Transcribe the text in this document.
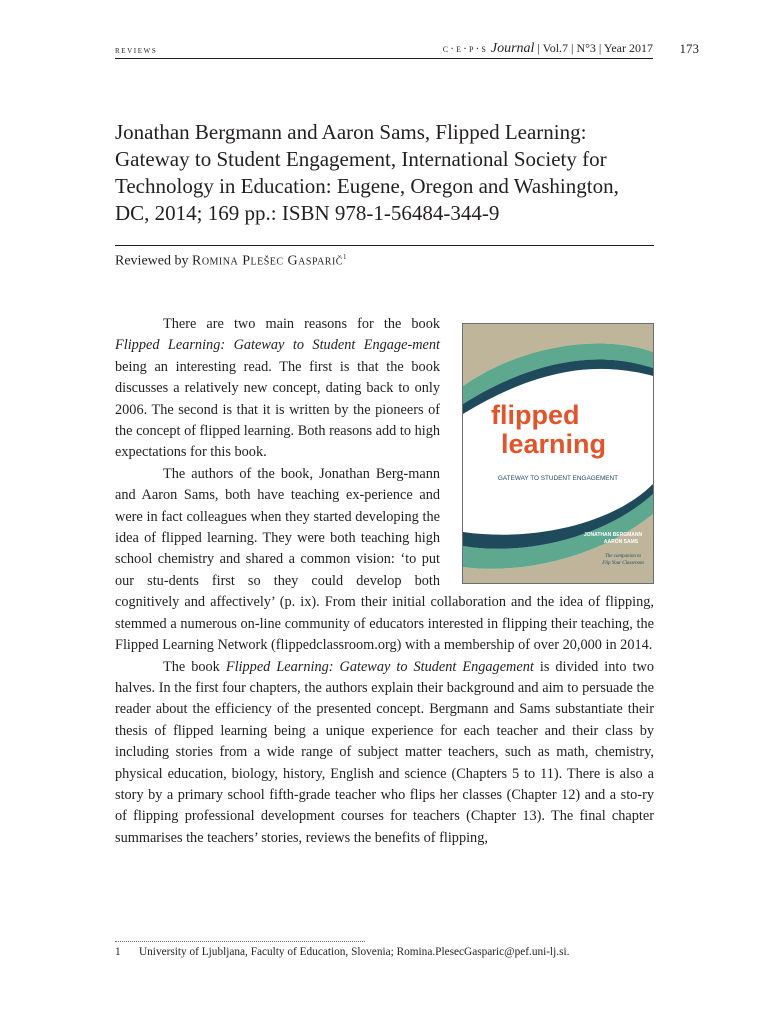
reviews	c·e·p·s Journal | Vol.7 | N°3 | Year 2017 173
Jonathan Bergmann and Aaron Sams, Flipped Learning: Gateway to Student Engagement, International Society for Technology in Education: Eugene, Oregon and Washington, DC, 2014; 169 pp.: ISBN 978-1-56484-344-9
Reviewed by Romina Plešec Gasparič$^1$
flipped
learning
GATEWAY TO STUDENT ENGAGEMENT
JONATHAN BERGMANN
AARON SAMS
The companion to
Flip Your Classroom

There are two main reasons for the book Flipped Learning: Gateway to Student Engage-ment being an interesting read. The first is that the book discusses a relatively new concept, dating back to only 2006. The second is that it is written by the pioneers of the concept of flipped learning. Both reasons add to high expectations for this book.

The authors of the book, Jonathan Berg-mann and Aaron Sams, both have teaching ex-perience and were in fact colleagues when they started developing the idea of flipped learning. They were both teaching high school chemistry and shared a common vision: ‘to put our stu-dents first so they could develop both cognitively and affectively’ (p. ix). From their initial collaboration and the idea of flipping, stemmed a numerous on-line community of educators interested in flipping their teaching, the Flipped Learning Network (flippedclassroom.org) with a membership of over 20,000 in 2014.

The book Flipped Learning: Gateway to Student Engagement is divided into two halves. In the first four chapters, the authors explain their background and aim to persuade the reader about the efficiency of the presented concept. Bergmann and Sams substantiate their thesis of flipped learning being a unique experience for each teacher and their class by including stories from a wide range of subject matter teachers, such as math, chemistry, physical education, biology, history, English and science (Chapters 5 to 11). There is also a story by a primary school fifth-grade teacher who flips her classes (Chapter 12) and a sto-ry of flipping professional development courses for teachers (Chapter 13). The final chapter summarises the teachers’ stories, reviews the benefits of flipping,

1 University of Ljubljana, Faculty of Education, Slovenia; Romina.PlesecGasparic@pef.uni-lj.si.
